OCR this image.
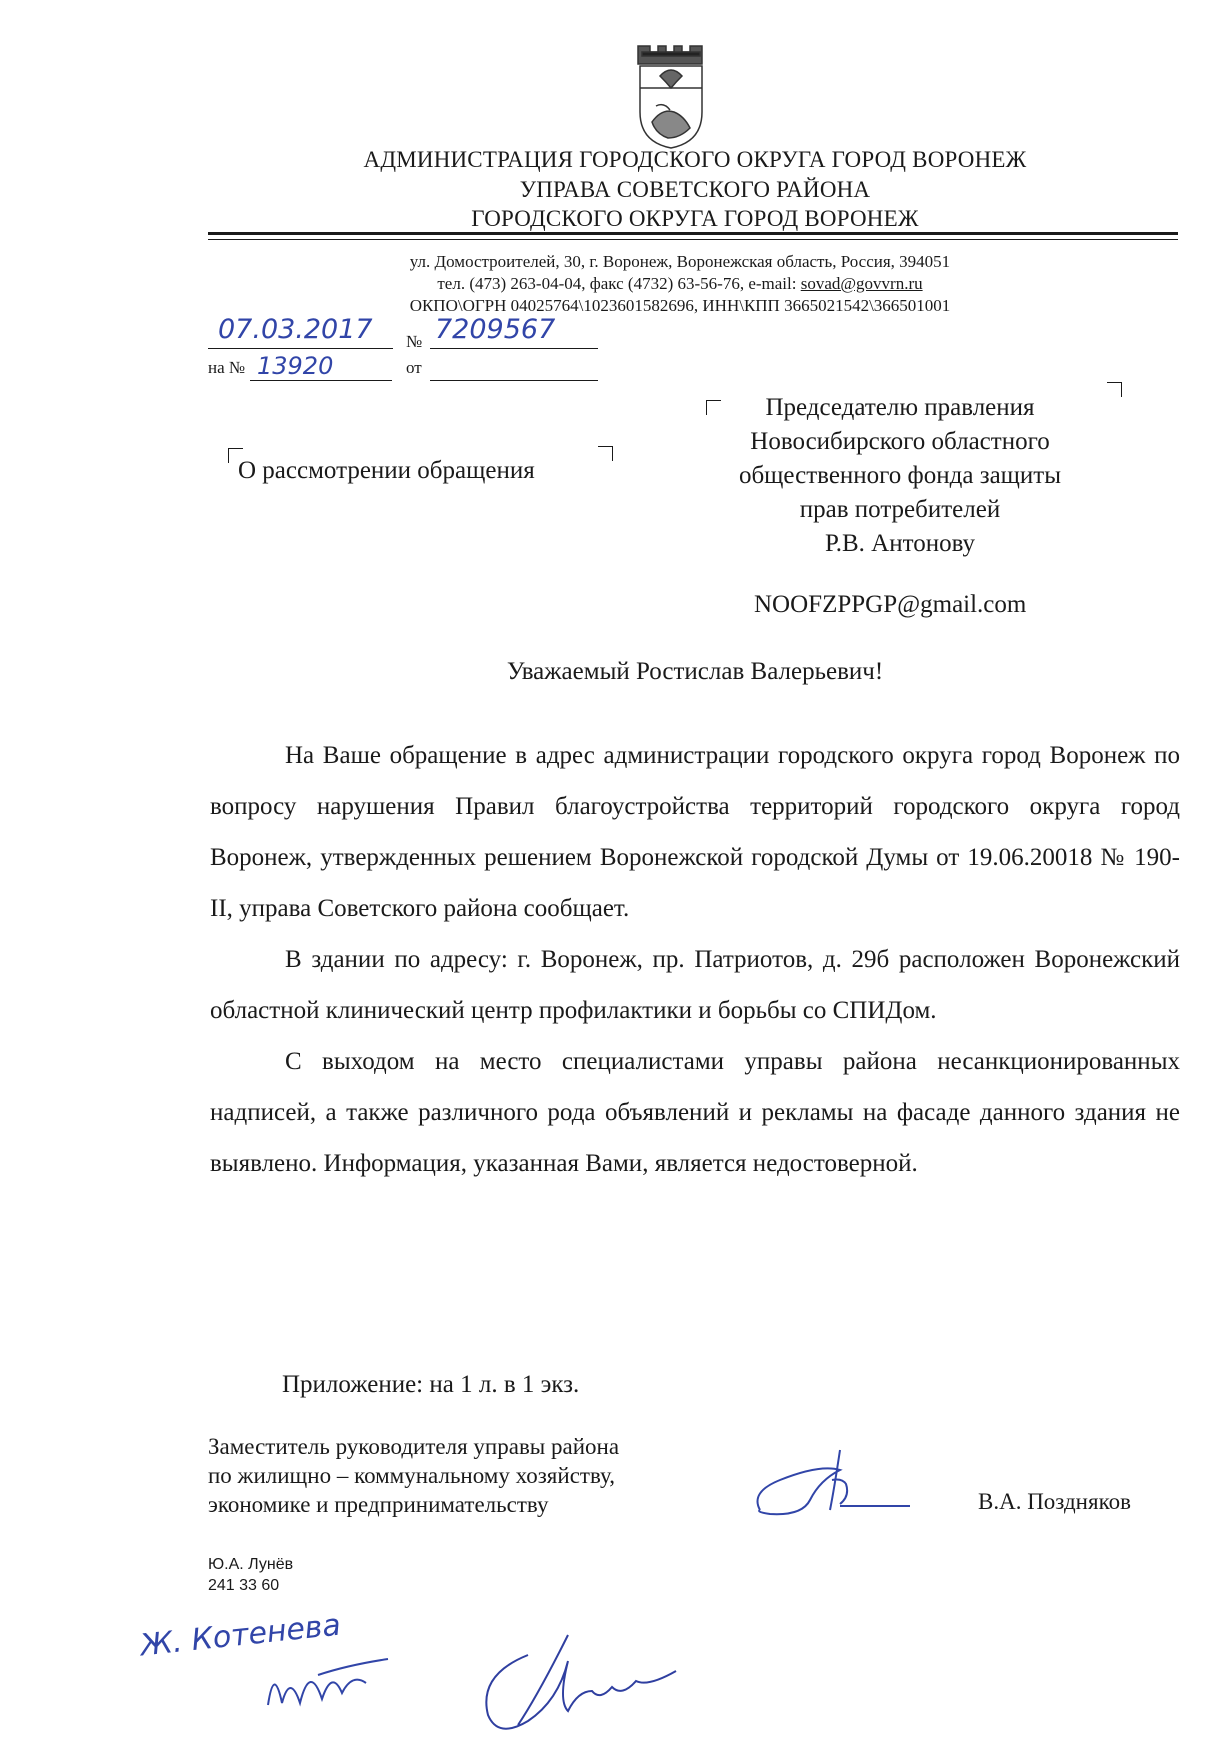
АДМИНИСТРАЦИЯ ГОРОДСКОГО ОКРУГА ГОРОД ВОРОНЕЖ
УПРАВА СОВЕТСКОГО РАЙОНА
ГОРОДСКОГО ОКРУГА ГОРОД ВОРОНЕЖ
ул. Домостроителей, 30, г. Воронеж, Воронежская область, Россия, 394051
тел. (473) 263-04-04, факс (4732) 63-56-76, e-mail: sovad@govvrn.ru
ОКПО\ОГРН 04025764\1023601582696, ИНН\КПП 3665021542\366501001
07.03.2017 № 7209567
на № 13920	от
О рассмотрении обращения
Председателю правления
Новосибирского областного
общественного фонда защиты
прав потребителей
Р.В. Антонову
NOOFZPPGP@gmail.com
Уважаемый Ростислав Валерьевич!

На Ваше обращение в адрес администрации городского округа город Воронеж по вопросу нарушения Правил благоустройства территорий городского округа город Воронеж, утвержденных решением Воронежской городской Думы от 19.06.20018 № 190-II, управа Советского района сообщает.

В здании по адресу: г. Воронеж, пр. Патриотов, д. 29б расположен Воронежский областной клинический центр профилактики и борьбы со СПИДом.

С выходом на место специалистами управы района несанкционированных надписей, а также различного рода объявлений и рекламы на фасаде данного здания не выявлено. Информация, указанная Вами, является недостоверной.

Приложение: на 1 л. в 1 экз.
Заместитель руководителя управы района
по жилищно – коммунальному хозяйству,
экономике и предпринимательству	В.А. Поздняков
Ю.А. Лунёв
241 33 60
Ж. Котенева
